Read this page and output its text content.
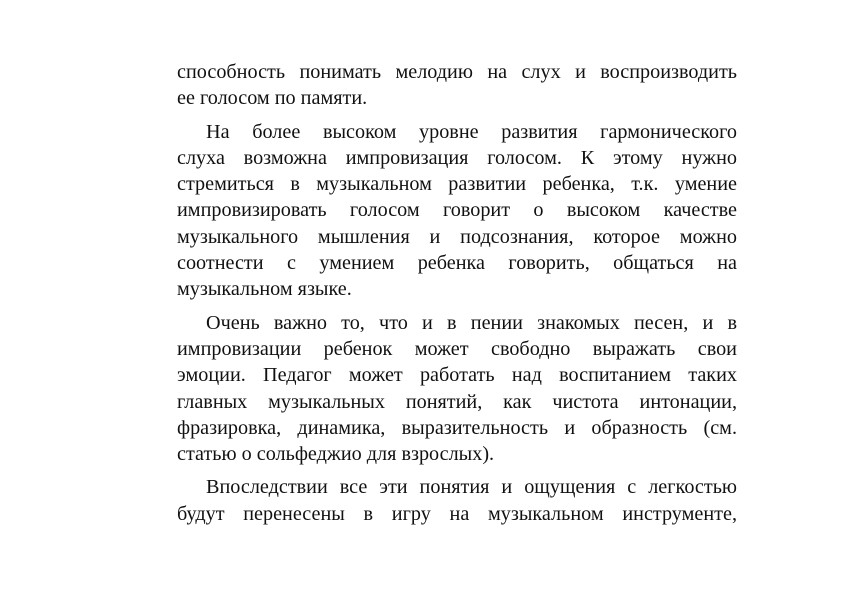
способность понимать мелодию на слух и воспроизводить
ее голосом по памяти.

На более высоком уровне развития гармонического
слуха возможна импровизация голосом. К этому нужно
стремиться в музыкальном развитии ребенка, т.к. умение
импровизировать голосом говорит о высоком качестве
музыкального мышления и подсознания, которое можно
соотнести с умением ребенка говорить, общаться на
музыкальном языке.

Очень важно то, что и в пении знакомых песен, и в
импровизации ребенок может свободно выражать свои
эмоции. Педагог может работать над воспитанием таких
главных музыкальных понятий, как чистота интонации,
фразировка, динамика, выразительность и образность (см.
статью о сольфеджио для взрослых).

Впоследствии все эти понятия и ощущения с легкостью
будут перенесены в игру на музыкальном инструменте,
